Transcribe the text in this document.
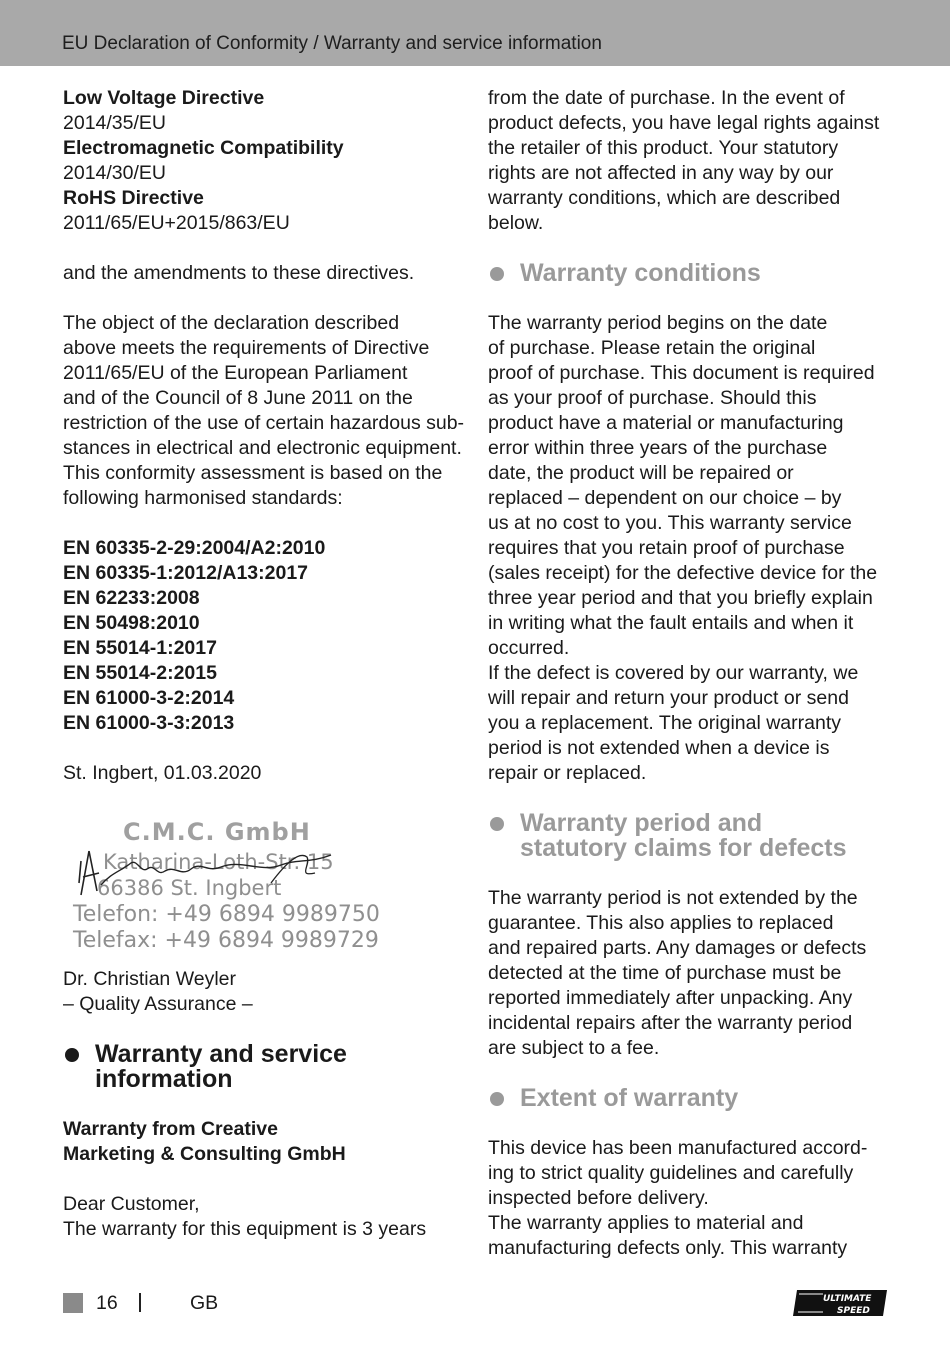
EU Declaration of Conformity / Warranty and service information
Low Voltage Directive
2014/35/EU
Electromagnetic Compatibility
2014/30/EU
RoHS Directive
2011/65/EU+2015/863/EU
and the amendments to these directives.
The object of the declaration described
above meets the requirements of Directive
2011/65/EU of the European Parliament
and of the Council of 8 June 2011 on the
restriction of the use of certain hazardous sub-
stances in electrical and electronic equipment.
This conformity assessment is based on the
following harmonised standards:
EN 60335-2-29:2004/A2:2010
EN 60335-1:2012/A13:2017
EN 62233:2008
EN 50498:2010
EN 55014-1:2017
EN 55014-2:2015
EN 61000-3-2:2014
EN 61000-3-3:2013
St. Ingbert, 01.03.2020
C.M.C. GmbH
Katharina-Loth-Str. 15
66386 St. Ingbert
Telefon: +49 6894 9989750
Telefax: +49 6894 9989729
Dr. Christian Weyler
– Quality Assurance –
Warranty and service
information
Warranty from Creative
Marketing & Consulting GmbH
Dear Customer,
The warranty for this equipment is 3 years
from the date of purchase. In the event of
product defects, you have legal rights against
the retailer of this product. Your statutory
rights are not affected in any way by our
warranty conditions, which are described
below.
Warranty conditions
The warranty period begins on the date
of purchase. Please retain the original
proof of purchase. This document is required
as your proof of purchase. Should this
product have a material or manufacturing
error within three years of the purchase
date, the product will be repaired or
replaced – dependent on our choice – by
us at no cost to you. This warranty service
requires that you retain proof of purchase
(sales receipt) for the defective device for the
three year period and that you briefly explain
in writing what the fault entails and when it
occurred.
If the defect is covered by our warranty, we
will repair and return your product or send
you a replacement. The original warranty
period is not extended when a device is
repair or replaced.
Warranty period and
statutory claims for defects
The warranty period is not extended by the
guarantee. This also applies to replaced
and repaired parts. Any damages or defects
detected at the time of purchase must be
reported immediately after unpacking. Any
incidental repairs after the warranty period
are subject to a fee.
Extent of warranty
This device has been manufactured accord-
ing to strict quality guidelines and carefully
inspected before delivery.
The warranty applies to material and
manufacturing defects only. This warranty
16	GB	ULTIMATE
SPEED
